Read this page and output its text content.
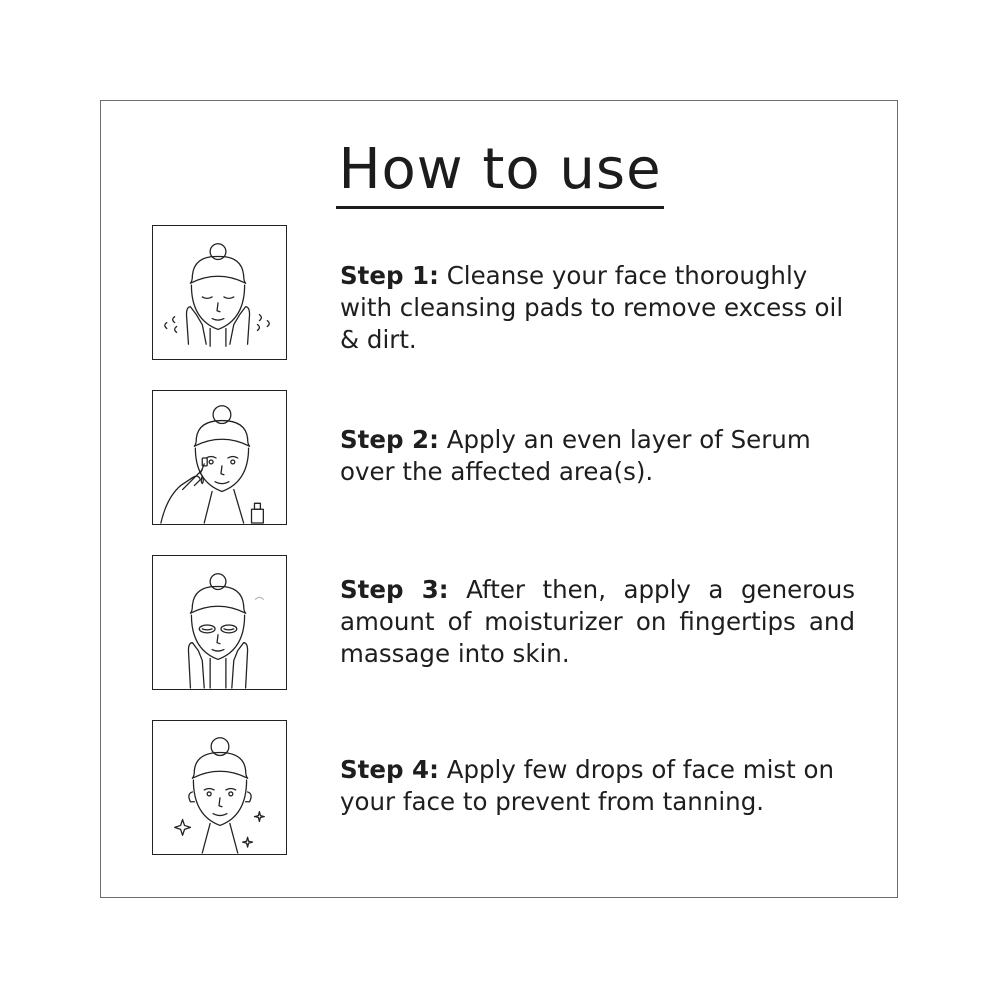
How to use

Step 1: Cleanse your face thoroughly with cleansing pads to remove excess oil & dirt.

Step 2: Apply an even layer of Serum over the affected area(s).

Step 3: After then, apply a generous amount of moisturizer on fingertips and massage into skin.

Step 4: Apply few drops of face mist on your face to prevent from tanning.
